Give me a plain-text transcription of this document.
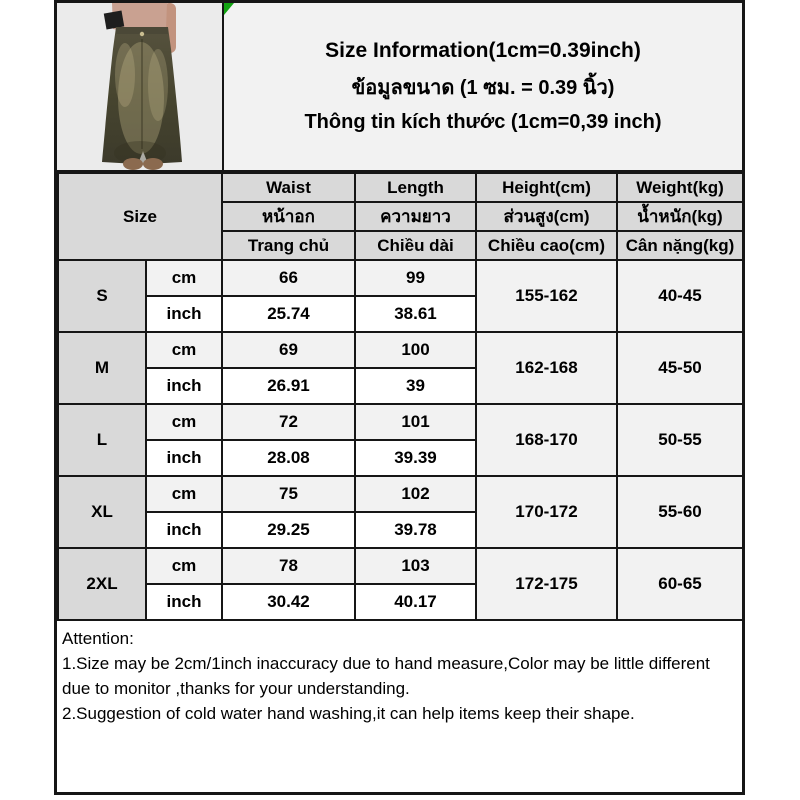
Size Information(1cm=0.39inch)
ข้อมูลขนาด (1 ซม. = 0.39 นิ้ว)
Thông tin kích thước (1cm=0,39 inch)
Size		Waist	Length	Height(cm)	Weight(kg)
		หน้าอก	ความยาว	ส่วนสูง(cm)	น้ำหนัก(kg)
		Trang chủ	Chiều dài	Chiều cao(cm)	Cân nặng(kg)
S	cm	66	99	155-162	40-45
	inch	25.74	38.61		
M	cm	69	100	162-168	45-50
	inch	26.91	39		
L	cm	72	101	168-170	50-55
	inch	28.08	39.39		
XL	cm	75	102	170-172	55-60
	inch	29.25	39.78		
2XL	cm	78	103	172-175	60-65
	inch	30.42	40.17		
Attention:
1.Size may be 2cm/1inch inaccuracy due to hand measure,Color may be little different
due to monitor ,thanks for your understanding.
2.Suggestion of cold water hand washing,it can help items keep their shape.
